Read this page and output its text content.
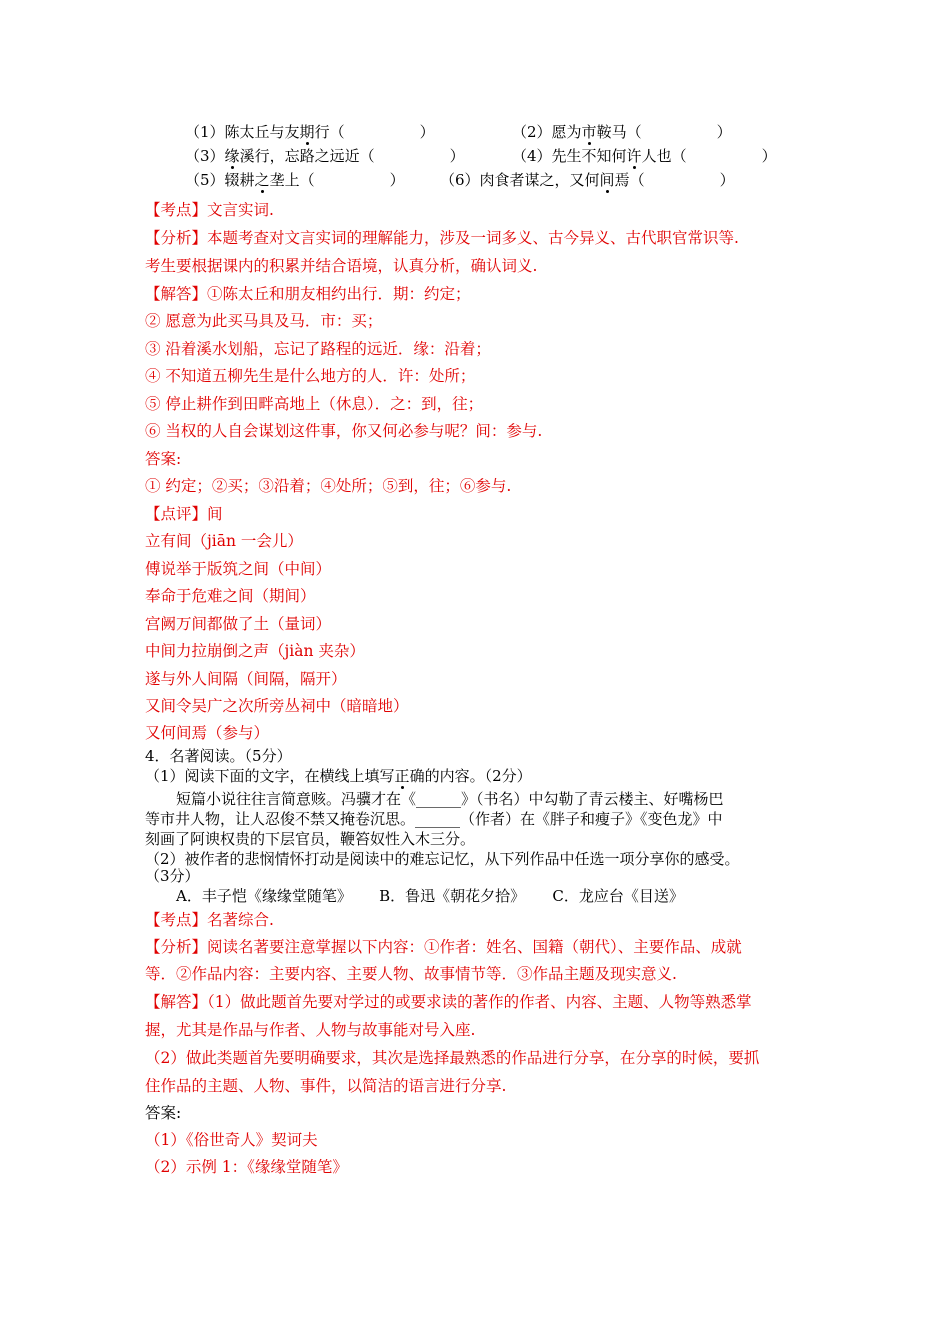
（1）陈太丘与友期行（　　　　　）	（2）愿为市鞍马（　　　　　）
（3）缘溪行，忘路之远近（　　　　　）	（4）先生不知何许人也（　　　　　）
（5）辍耕之垄上（　　　　　） （6）肉食者谋之，又何间焉（　　　　　）
【考点】文言实词.
【分析】本题考查对文言实词的理解能力，涉及一词多义、古今异义、古代职官常识等.
考生要根据课内的积累并结合语境，认真分析，确认词义.
【解答】①陈太丘和朋友相约出行．期：约定；
② 愿意为此买马具及马．市：买；
③ 沿着溪水划船，忘记了路程的远近．缘：沿着；
④ 不知道五柳先生是什么地方的人．许：处所；
⑤ 停止耕作到田畔高地上（休息）．之：到，往；
⑥ 当权的人自会谋划这件事，你又何必参与呢？间：参与.
答案:
① 约定；②买；③沿着；④处所；⑤到，往；⑥参与.
【点评】间
立有间（jiān 一会儿）
傅说举于版筑之间（中间）
奉命于危难之间（期间）
宫阙万间都做了土（量词）
中间力拉崩倒之声（jiàn 夹杂）
遂与外人间隔（间隔，隔开）
又间令吴广之次所旁丛祠中（暗暗地）
又何间焉（参与）
4．名著阅读。（5分）
（1）阅读下面的文字，在横线上填写正确的内容。（2分）
短篇小说往往言简意赅。冯骥才在《______》（书名）中勾勒了青云楼主、好嘴杨巴
等市井人物，让人忍俊不禁又掩卷沉思。______（作者）在《胖子和瘦子》《变色龙》中
刻画了阿谀权贵的下层官员，鞭笞奴性入木三分。
（2）被作者的悲悯情怀打动是阅读中的难忘记忆，从下列作品中任选一项分享你的感受。
（3分）
A．丰子恺《缘缘堂随笔》　　 B．鲁迅《朝花夕拾》　　 C．龙应台《目送》
【考点】名著综合.
【分析】阅读名著要注意掌握以下内容：①作者：姓名、国籍（朝代）、主要作品、成就
等．②作品内容：主要内容、主要人物、故事情节等．③作品主题及现实意义.
【解答】（1）做此题首先要对学过的或要求读的著作的作者、内容、主题、人物等熟悉掌
握，尤其是作品与作者、人物与故事能对号入座.
（2）做此类题首先要明确要求，其次是选择最熟悉的作品进行分享，在分享的时候，要抓
住作品的主题、人物、事件，以简洁的语言进行分享.
答案:
（1）《俗世奇人》契诃夫
（2）示例 1：《缘缘堂随笔》
